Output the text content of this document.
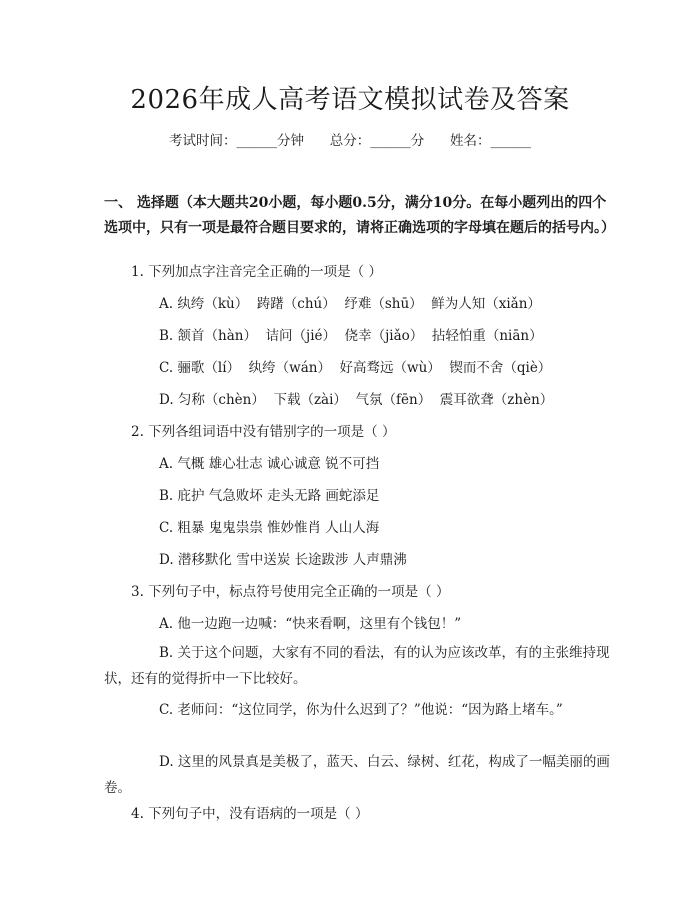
2026年成人高考语文模拟试卷及答案
考试时间：______分钟      总分：______分      姓名：______
一、 选择题（本大题共20小题，每小题0.5分，满分10分。在每小题列出的四个选项中，只有一项是最符合题目要求的，请将正确选项的字母填在题后的括号内。）
1. 下列加点字注音完全正确的一项是（ ）
A. 纨绔（kù）  踌躇（chú）  纾难（shū）  鲜为人知（xiǎn）
B. 颔首（hàn）  诘问（jié）  侥幸（jiǎo）  拈轻怕重（niān）
C. 骊歌（lí）  纨绔（wán）  好高骛远（wù）  锲而不舍（qiè）
D. 匀称（chèn）  下载（zài）  气氛（fēn）  震耳欲聋（zhèn）
2. 下列各组词语中没有错别字的一项是（ ）
A. 气概 雄心壮志 诚心诚意 锐不可挡
B. 庇护 气急败坏 走头无路 画蛇添足
C. 粗暴 鬼鬼祟祟 惟妙惟肖 人山人海
D. 潜移默化 雪中送炭 长途跋涉 人声鼎沸
3. 下列句子中，标点符号使用完全正确的一项是（ ）
A. 他一边跑一边喊：“快来看啊，这里有个钱包！”
B. 关于这个问题，大家有不同的看法，有的认为应该改革，有的主张维持现状，还有的觉得折中一下比较好。
C. 老师问：“这位同学，你为什么迟到了？”他说：“因为路上堵车。”
D. 这里的风景真是美极了，蓝天、白云、绿树、红花，构成了一幅美丽的画卷。
4. 下列句子中，没有语病的一项是（ ）
